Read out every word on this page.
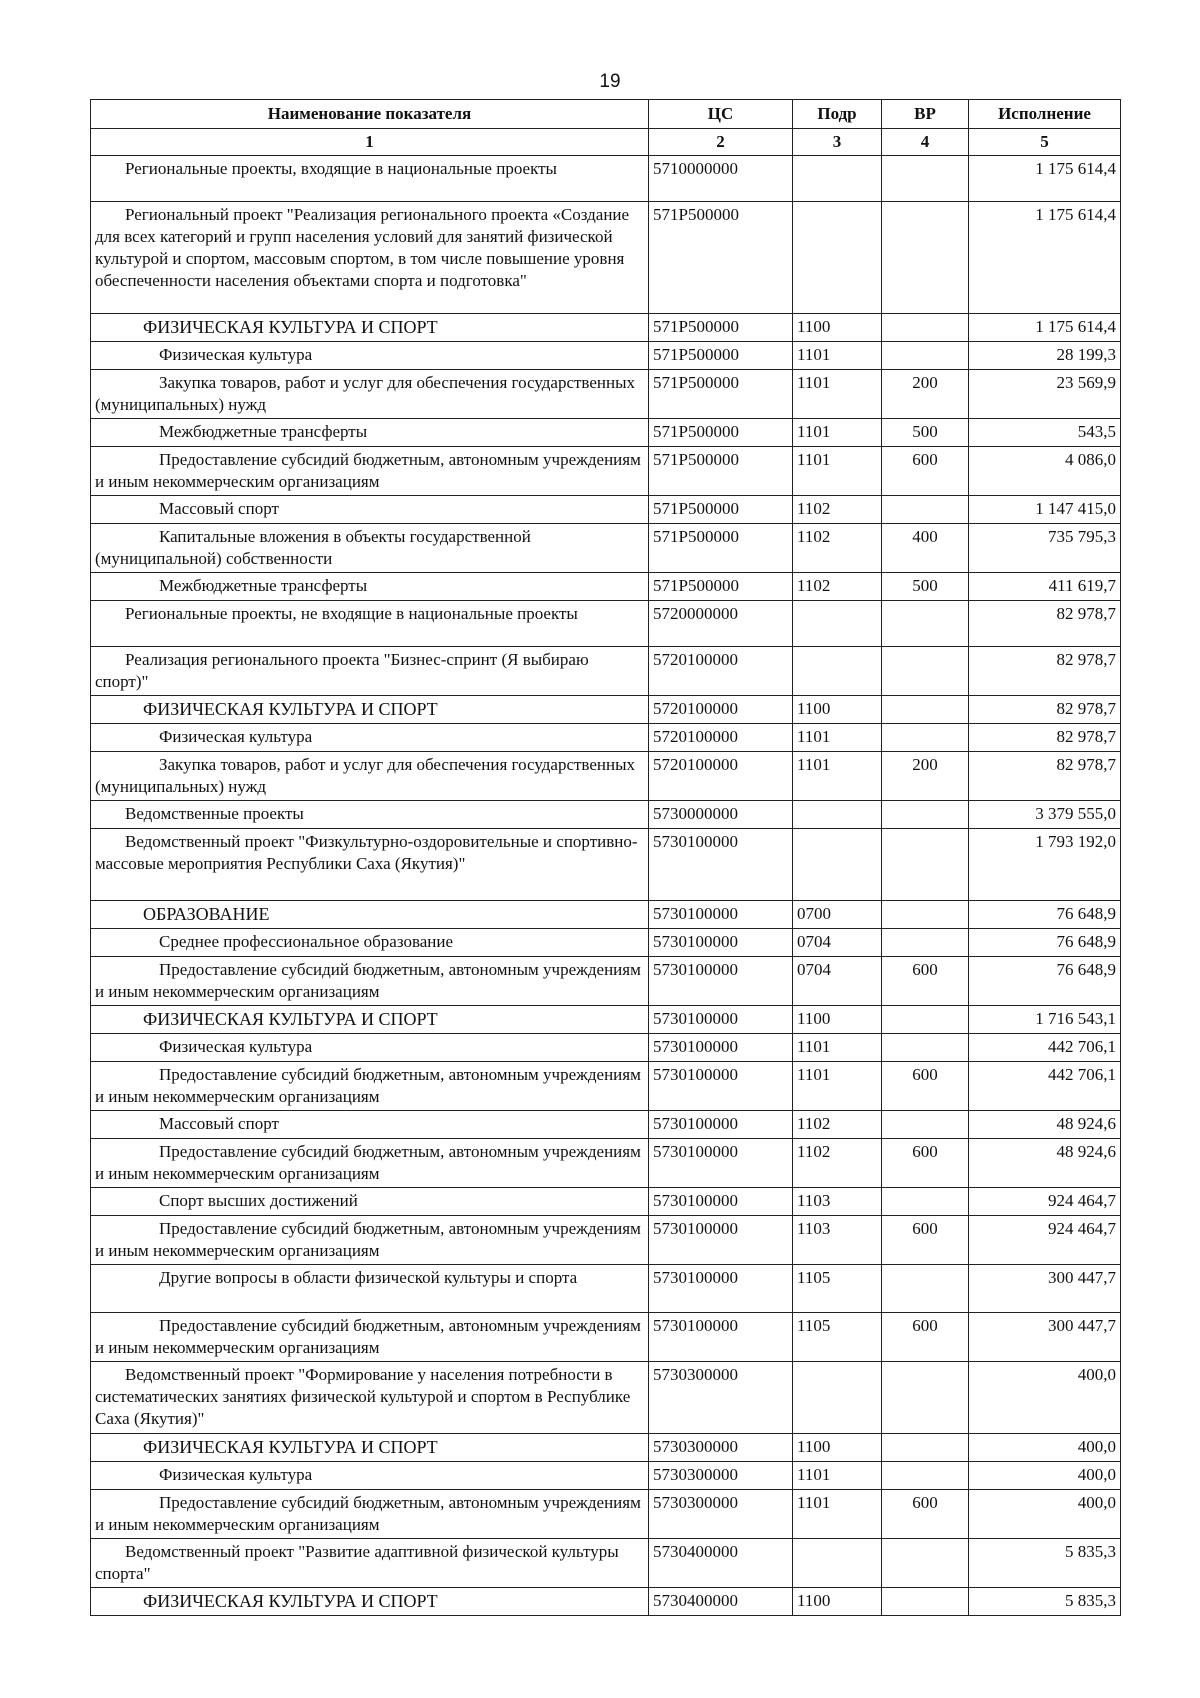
19
Наименование показателя	ЦС	Подр	ВР	Исполнение
1	2	3	4	5
Региональные проекты, входящие в национальные проекты	5710000000			1 175 614,4
Региональный проект "Реализация регионального проекта «Создание для всех категорий и групп населения условий для занятий физической культурой и спортом, массовым спортом, в том числе повышение уровня обеспеченности населения объектами спорта и подготовка"	571P500000			1 175 614,4
ФИЗИЧЕСКАЯ КУЛЬТУРА И СПОРТ	571P500000	1100		1 175 614,4
Физическая культура	571P500000	1101		28 199,3
Закупка товаров, работ и услуг для обеспечения государственных (муниципальных) нужд	571P500000	1101	200	23 569,9
Межбюджетные трансферты	571P500000	1101	500	543,5
Предоставление субсидий бюджетным, автономным учреждениям и иным некоммерческим организациям	571P500000	1101	600	4 086,0
Массовый спорт	571P500000	1102		1 147 415,0
Капитальные вложения в объекты государственной (муниципальной) собственности	571P500000	1102	400	735 795,3
Межбюджетные трансферты	571P500000	1102	500	411 619,7
Региональные проекты, не входящие в национальные проекты	5720000000			82 978,7
Реализация регионального проекта "Бизнес-спринт (Я выбираю спорт)"	5720100000			82 978,7
ФИЗИЧЕСКАЯ КУЛЬТУРА И СПОРТ	5720100000	1100		82 978,7
Физическая культура	5720100000	1101		82 978,7
Закупка товаров, работ и услуг для обеспечения государственных (муниципальных) нужд	5720100000	1101	200	82 978,7
Ведомственные проекты	5730000000			3 379 555,0
Ведомственный проект "Физкультурно-оздоровительные и спортивно-массовые мероприятия Республики Саха (Якутия)"	5730100000			1 793 192,0
ОБРАЗОВАНИЕ	5730100000	0700		76 648,9
Среднее профессиональное образование	5730100000	0704		76 648,9
Предоставление субсидий бюджетным, автономным учреждениям и иным некоммерческим организациям	5730100000	0704	600	76 648,9
ФИЗИЧЕСКАЯ КУЛЬТУРА И СПОРТ	5730100000	1100		1 716 543,1
Физическая культура	5730100000	1101		442 706,1
Предоставление субсидий бюджетным, автономным учреждениям и иным некоммерческим организациям	5730100000	1101	600	442 706,1
Массовый спорт	5730100000	1102		48 924,6
Предоставление субсидий бюджетным, автономным учреждениям и иным некоммерческим организациям	5730100000	1102	600	48 924,6
Спорт высших достижений	5730100000	1103		924 464,7
Предоставление субсидий бюджетным, автономным учреждениям и иным некоммерческим организациям	5730100000	1103	600	924 464,7
Другие вопросы в области физической культуры и спорта	5730100000	1105		300 447,7
Предоставление субсидий бюджетным, автономным учреждениям и иным некоммерческим организациям	5730100000	1105	600	300 447,7
Ведомственный проект "Формирование у населения потребности в систематических занятиях физической культурой и спортом в Республике Саха (Якутия)"	5730300000			400,0
ФИЗИЧЕСКАЯ КУЛЬТУРА И СПОРТ	5730300000	1100		400,0
Физическая культура	5730300000	1101		400,0
Предоставление субсидий бюджетным, автономным учреждениям и иным некоммерческим организациям	5730300000	1101	600	400,0
Ведомственный проект "Развитие адаптивной физической культуры спорта"	5730400000			5 835,3
ФИЗИЧЕСКАЯ КУЛЬТУРА И СПОРТ	5730400000	1100		5 835,3
